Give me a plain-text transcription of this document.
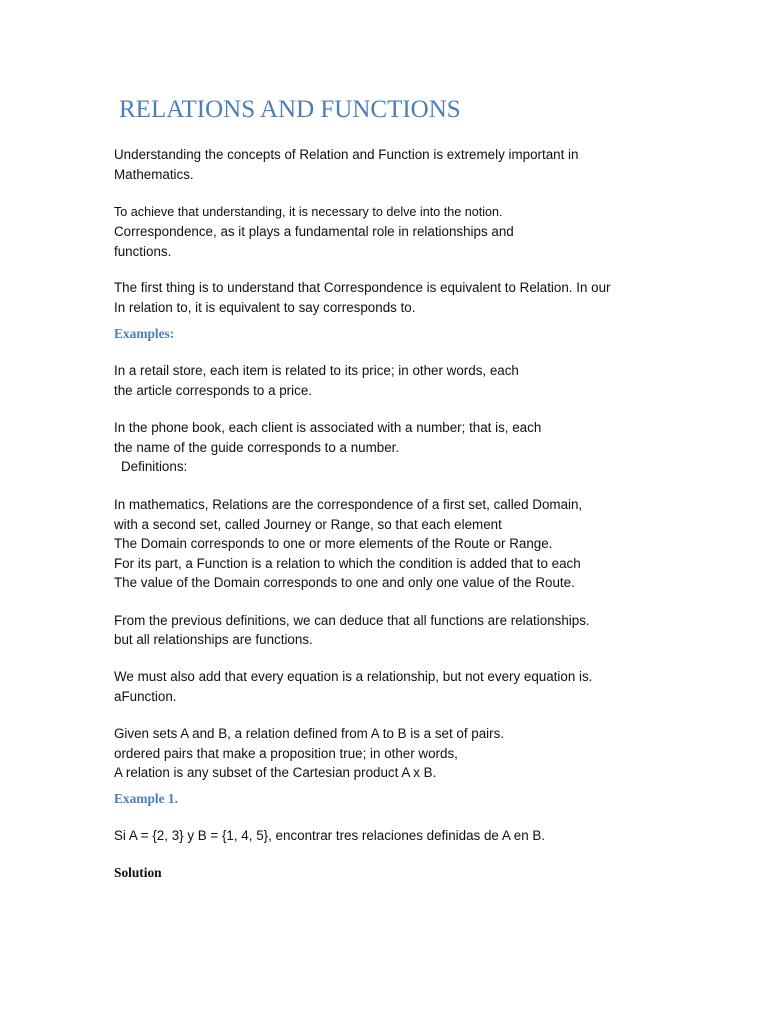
RELATIONS AND FUNCTIONS

Understanding the concepts of Relation and Function is extremely important in

Mathematics.

To achieve that understanding, it is necessary to delve into the notion.

Correspondence, as it plays a fundamental role in relationships and

functions.

The first thing is to understand that Correspondence is equivalent to Relation. In our

In relation to, it is equivalent to say corresponds to.

Examples:

In a retail store, each item is related to its price; in other words, each

the article corresponds to a price.

In the phone book, each client is associated with a number; that is, each

the name of the guide corresponds to a number.

Definitions:

In mathematics, Relations are the correspondence of a first set, called Domain,

with a second set, called Journey or Range, so that each element

The Domain corresponds to one or more elements of the Route or Range.

For its part, a Function is a relation to which the condition is added that to each

The value of the Domain corresponds to one and only one value of the Route.

From the previous definitions, we can deduce that all functions are relationships.

but all relationships are functions.

We must also add that every equation is a relationship, but not every equation is.

aFunction.

Given sets A and B, a relation defined from A to B is a set of pairs.

ordered pairs that make a proposition true; in other words,

A relation is any subset of the Cartesian product A x B.

Example 1.

Si A = {2, 3} y B = {1, 4, 5}, encontrar tres relaciones definidas de A en B.

Solution
